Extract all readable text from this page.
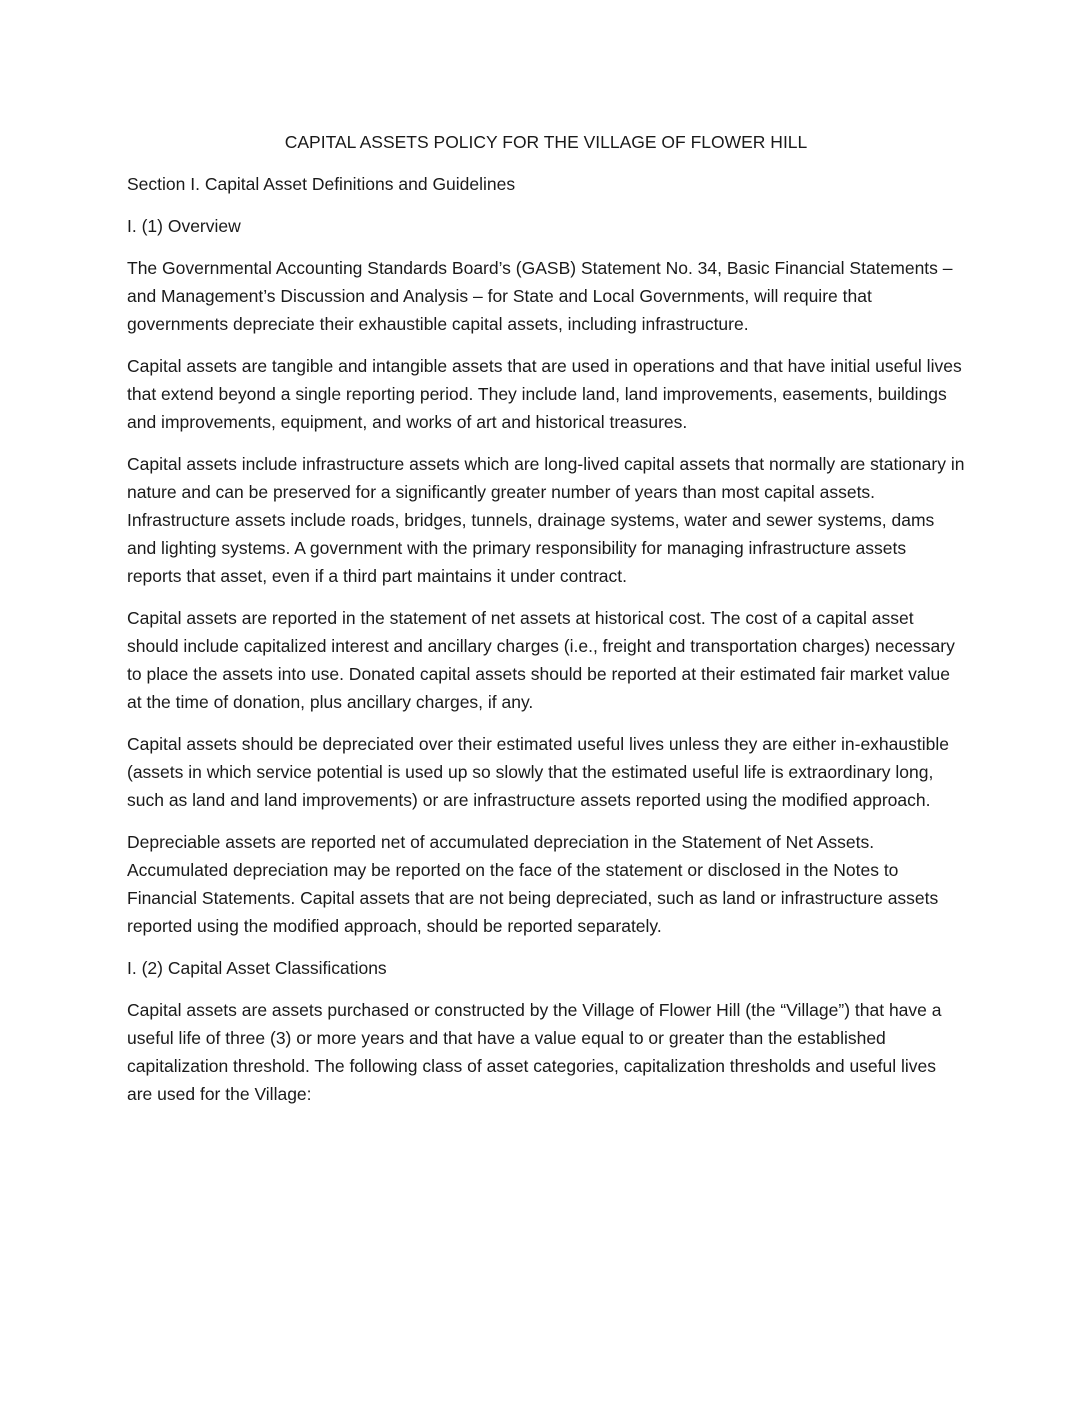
CAPITAL ASSETS POLICY FOR THE VILLAGE OF FLOWER HILL

Section I. Capital Asset Definitions and Guidelines

I. (1) Overview

The Governmental Accounting Standards Board’s (GASB) Statement No. 34, Basic Financial Statements – and Management’s Discussion and Analysis – for State and Local Governments, will require that governments depreciate their exhaustible capital assets, including infrastructure.

Capital assets are tangible and intangible assets that are used in operations and that have initial useful lives that extend beyond a single reporting period. They include land, land improvements, easements, buildings and improvements, equipment, and works of art and historical treasures.

Capital assets include infrastructure assets which are long-lived capital assets that normally are stationary in nature and can be preserved for a significantly greater number of years than most capital assets. Infrastructure assets include roads, bridges, tunnels, drainage systems, water and sewer systems, dams and lighting systems. A government with the primary responsibility for managing infrastructure assets reports that asset, even if a third part maintains it under contract.

Capital assets are reported in the statement of net assets at historical cost. The cost of a capital asset should include capitalized interest and ancillary charges (i.e., freight and transportation charges) necessary to place the assets into use. Donated capital assets should be reported at their estimated fair market value at the time of donation, plus ancillary charges, if any.

Capital assets should be depreciated over their estimated useful lives unless they are either in-exhaustible (assets in which service potential is used up so slowly that the estimated useful life is extraordinary long, such as land and land improvements) or are infrastructure assets reported using the modified approach.

Depreciable assets are reported net of accumulated depreciation in the Statement of Net Assets. Accumulated depreciation may be reported on the face of the statement or disclosed in the Notes to Financial Statements. Capital assets that are not being depreciated, such as land or infrastructure assets reported using the modified approach, should be reported separately.

I. (2) Capital Asset Classifications

Capital assets are assets purchased or constructed by the Village of Flower Hill (the “Village”) that have a useful life of three (3) or more years and that have a value equal to or greater than the established capitalization threshold. The following class of asset categories, capitalization thresholds and useful lives are used for the Village:
